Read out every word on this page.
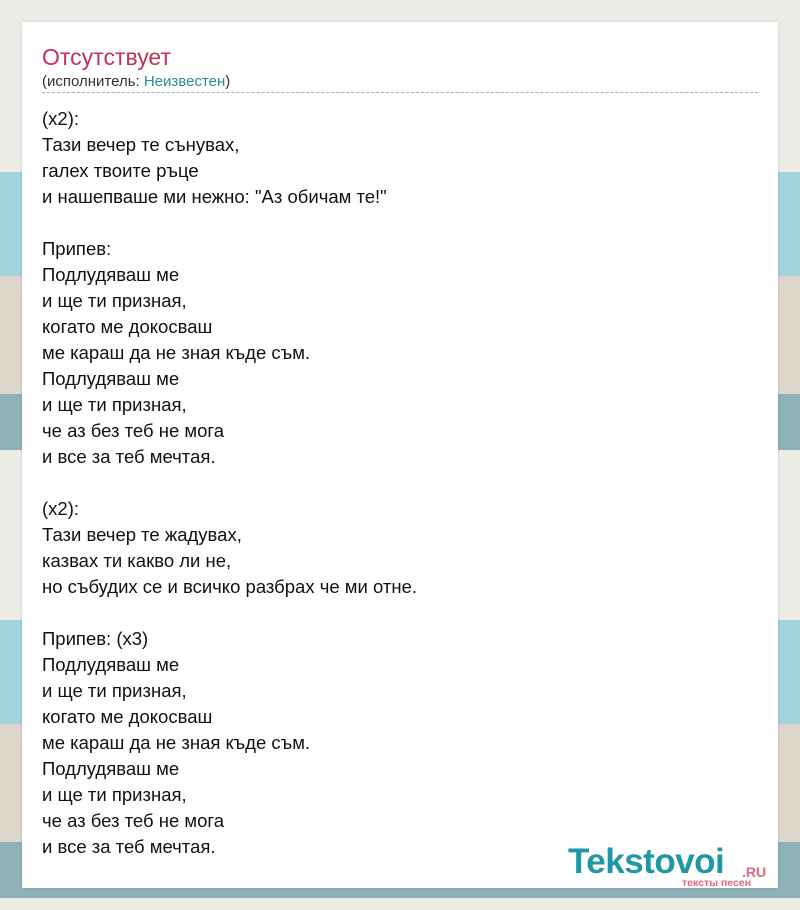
Отсутствует
(исполнитель: Неизвестен)
(x2):
Тази вечер те сънувах,
галех твоите ръце
и нашепваше ми нежно: "Аз обичам те!"
Припев:
Подлудяваш ме
и ще ти призная,
когато ме докосваш
ме караш да не зная къде съм.
Подлудяваш ме
и ще ти призная,
че аз без теб не мога
и все за теб мечтая.
(x2):
Тази вечер те жадувах,
казвах ти какво ли не,
но събудих се и всичко разбрах че ми отне.
Припев: (x3)
Подлудяваш ме
и ще ти призная,
когато ме докосваш
ме караш да не зная къде съм.
Подлудяваш ме
и ще ти призная,
че аз без теб не мога
и все за теб мечтая.	Tekstovoi .RU
тексты песен
